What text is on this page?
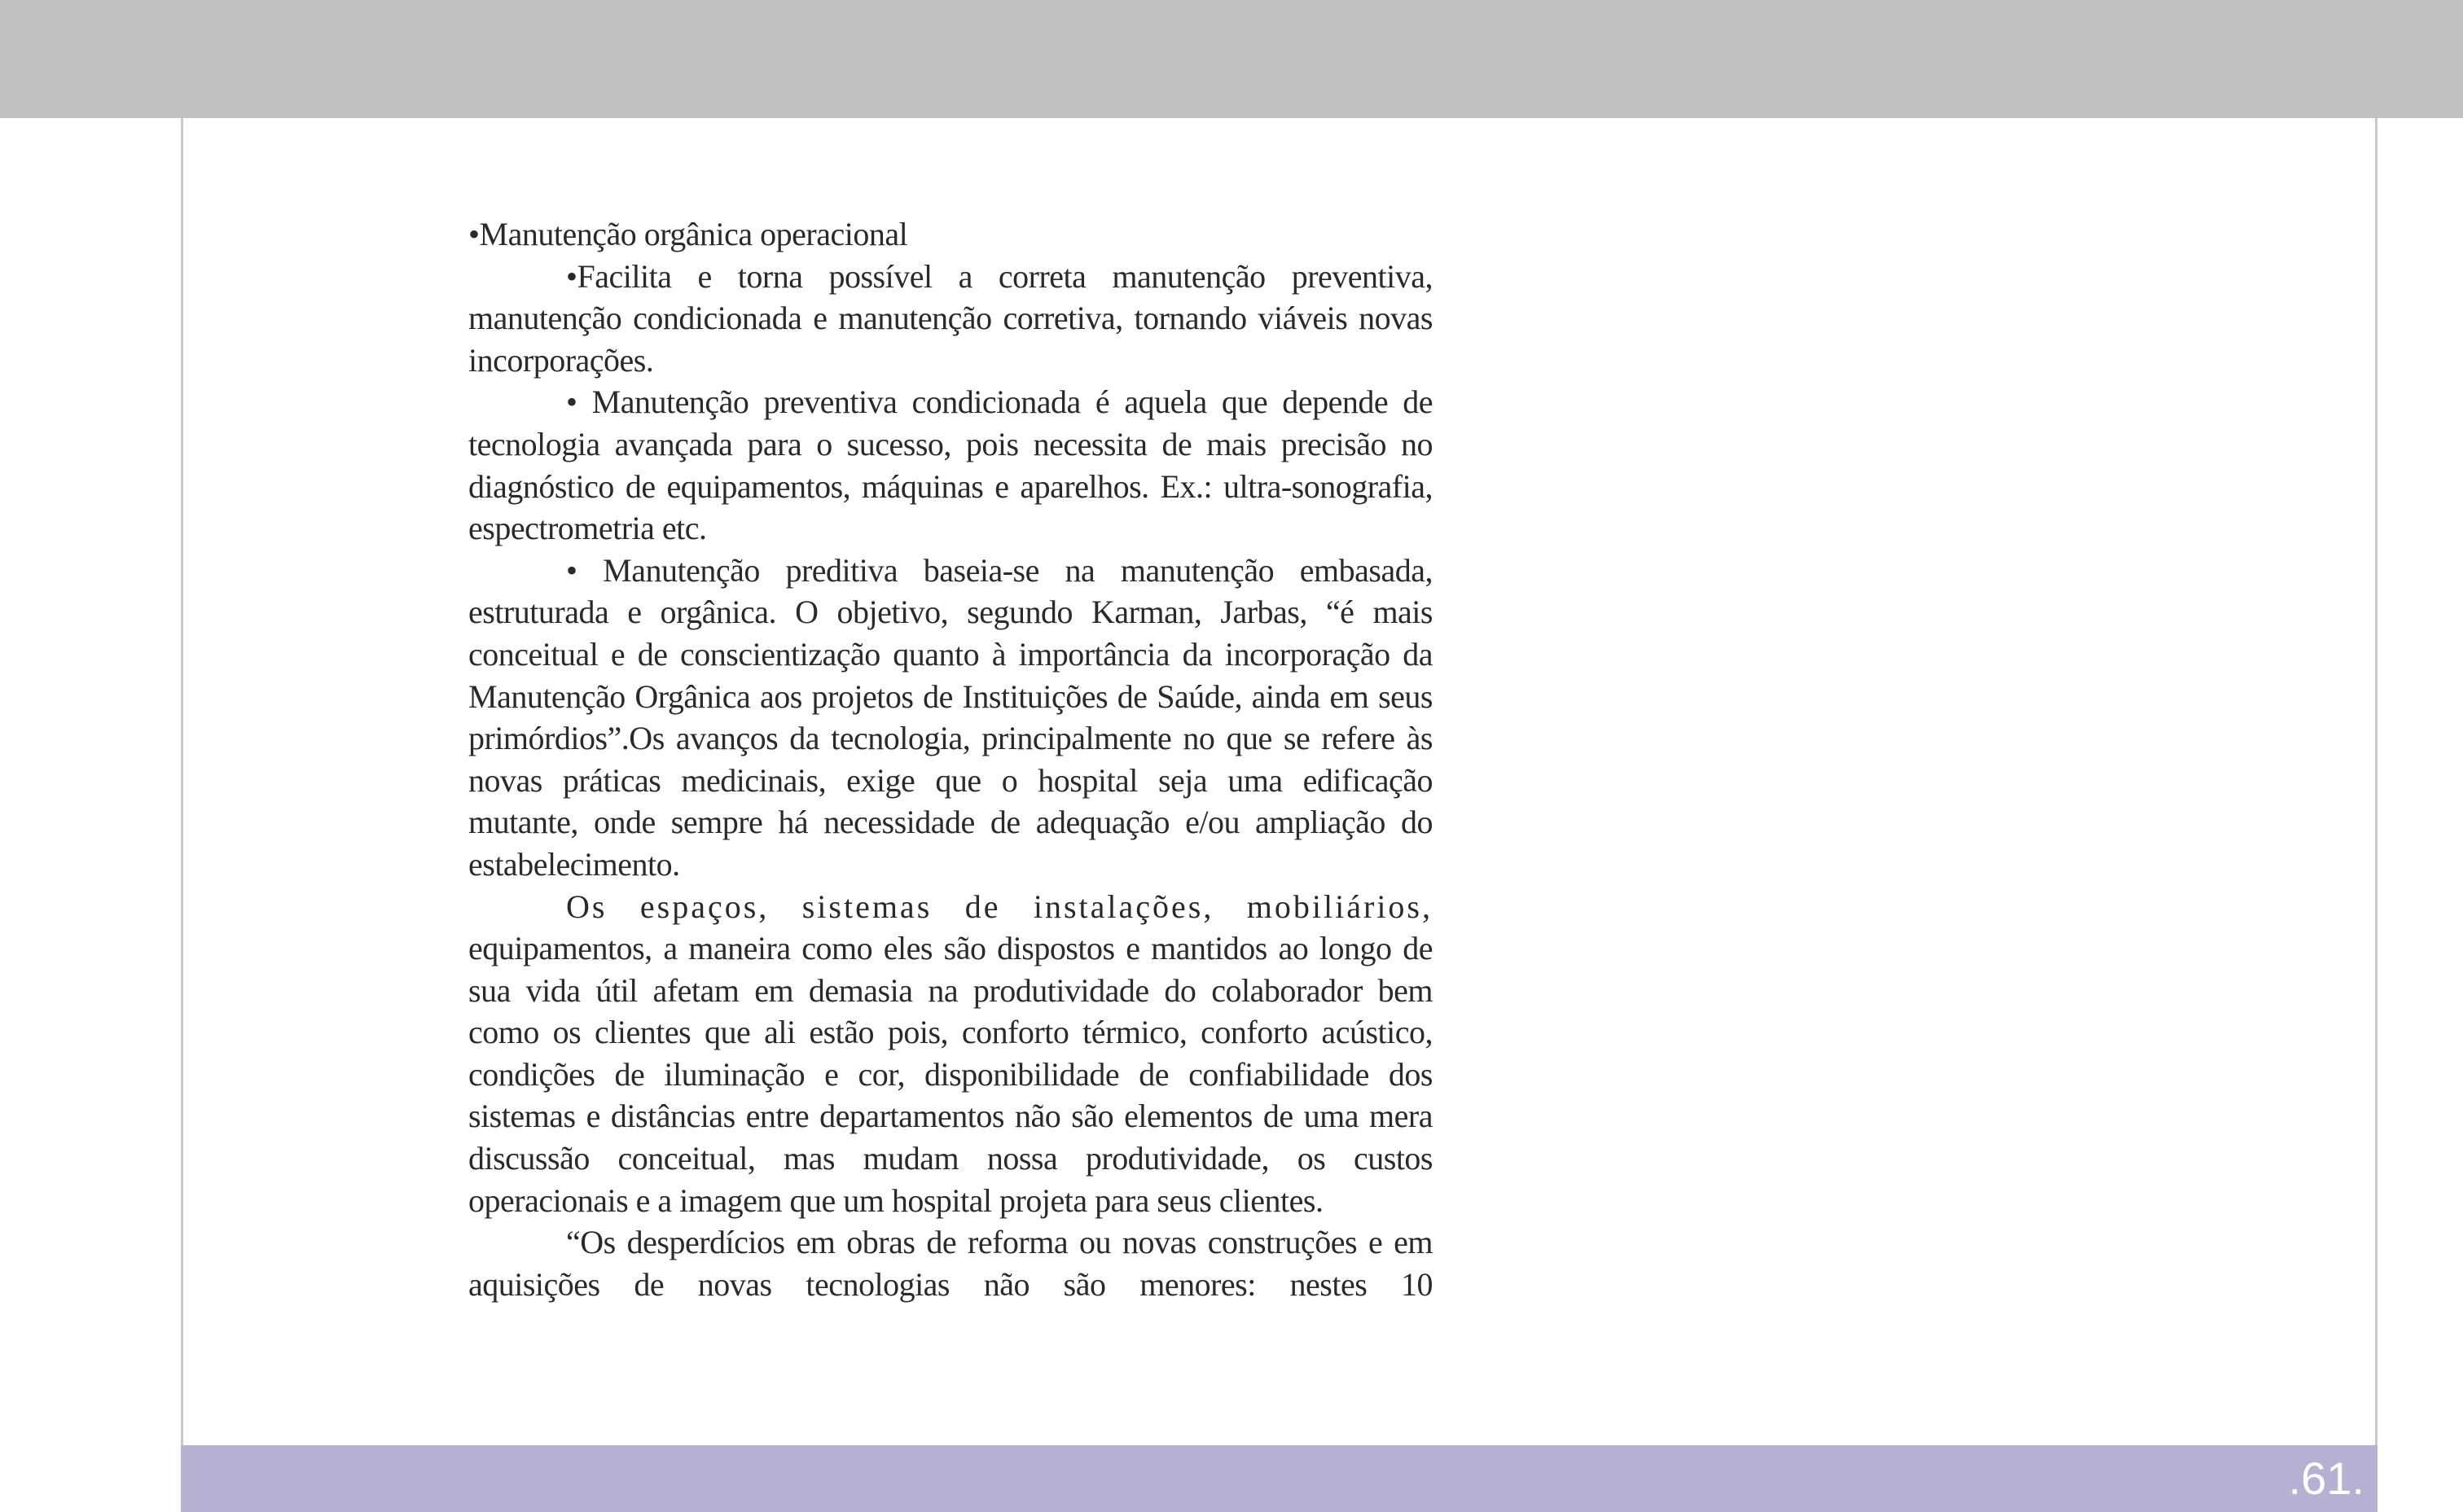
•Manutenção orgânica operacional

•Facilita e torna possível a correta manutenção preventiva, manutenção condicionada e manutenção corretiva, tornando viáveis novas incorporações.

• Manutenção preventiva condicionada é aquela que depende de tecnologia avançada para o sucesso, pois necessita de mais precisão no diagnóstico de equipamentos, máquinas e aparelhos. Ex.: ultra-sonografia, espectrometria etc.

• Manutenção preditiva baseia-se na manutenção embasada, estruturada e orgânica. O objetivo, segundo Karman, Jarbas, “é mais conceitual e de conscientização quanto à importância da incorporação da Manutenção Orgânica aos projetos de Instituições de Saúde, ainda em seus primórdios”.Os avanços da tecnologia, principalmente no que se refere às novas práticas medicinais, exige que o hospital seja uma edificação mutante, onde sempre há necessidade de adequação e/ou ampliação do estabelecimento.

Os espaços, sistemas de instalações, mobiliários,

equipamentos, a maneira como eles são dispostos e mantidos ao longo de sua vida útil afetam em demasia na produtividade do colaborador bem como os clientes que ali estão pois, conforto térmico, conforto acústico, condições de iluminação e cor, disponibilidade de confiabilidade dos sistemas e distâncias entre departamentos não são elementos de uma mera discussão conceitual, mas mudam nossa produtividade, os custos operacionais e a imagem que um hospital projeta para seus clientes.

“Os desperdícios em obras de reforma ou novas construções e em aquisições de novas tecnologias não são menores: nestes 10

.61.
